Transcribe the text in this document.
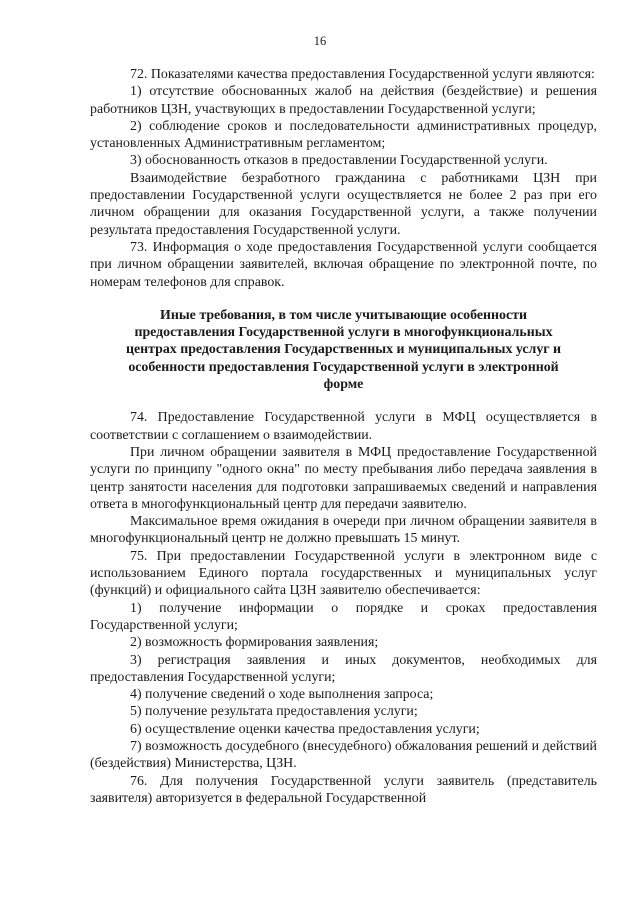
16

72. Показателями качества предоставления Государственной услуги являются:

1) отсутствие обоснованных жалоб на действия (бездействие) и решения работников ЦЗН, участвующих в предоставлении Государственной услуги;

2) соблюдение сроков и последовательности административных процедур, установленных Административным регламентом;

3) обоснованность отказов в предоставлении Государственной услуги.

Взаимодействие безработного гражданина с работниками ЦЗН при предоставлении Государственной услуги осуществляется не более 2 раз при его личном обращении для оказания Государственной услуги, а также получении результата предоставления Государственной услуги.

73. Информация о ходе предоставления Государственной услуги сообщается при личном обращении заявителей, включая обращение по электронной почте, по номерам телефонов для справок.

Иные требования, в том числе учитывающие особенности
предоставления Государственной услуги в многофункциональных
центрах предоставления Государственных и муниципальных услуг и
особенности предоставления Государственной услуги в электронной
форме

74. Предоставление Государственной услуги в МФЦ осуществляется в соответствии с соглашением о взаимодействии.

При личном обращении заявителя в МФЦ предоставление Государственной услуги по принципу "одного окна" по месту пребывания либо передача заявления в центр занятости населения для подготовки запрашиваемых сведений и направления ответа в многофункциональный центр для передачи заявителю.

Максимальное время ожидания в очереди при личном обращении заявителя в многофункциональный центр не должно превышать 15 минут.

75. При предоставлении Государственной услуги в электронном виде с использованием Единого портала государственных и муниципальных услуг (функций) и официального сайта ЦЗН заявителю обеспечивается:

1) получение информации о порядке и сроках предоставления Государственной услуги;

2) возможность формирования заявления;

3) регистрация заявления и иных документов, необходимых для предоставления Государственной услуги;

4) получение сведений о ходе выполнения запроса;

5) получение результата предоставления услуги;

6) осуществление оценки качества предоставления услуги;

7) возможность досудебного (внесудебного) обжалования решений и действий (бездействия) Министерства, ЦЗН.

76. Для получения Государственной услуги заявитель (представитель заявителя) авторизуется в федеральной Государственной
